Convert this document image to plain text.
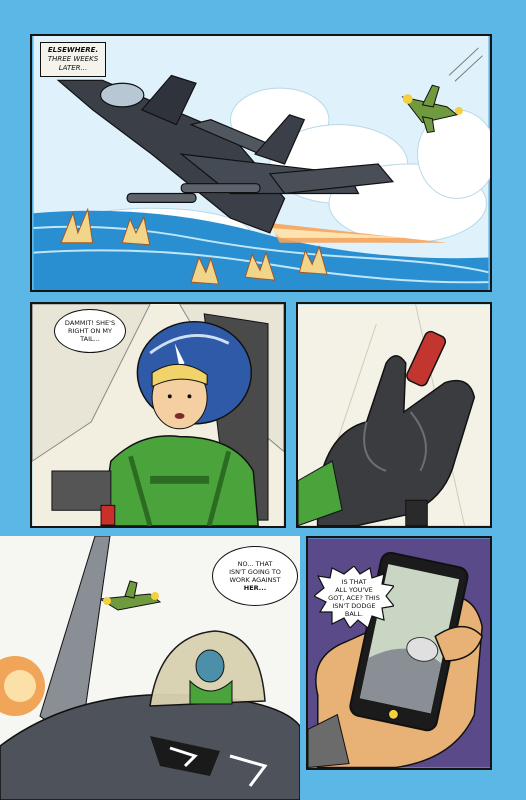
ELSEWHERE.
THREE WEEKS
LATER...
DAMMIT! SHE'S
RIGHT ON MY
TAIL...
NO... THAT
ISN'T GOING TO
WORK AGAINST
HER...
IS THAT
ALL YOU'VE
GOT, ACE? THIS
ISN'T DODGE
BALL.
